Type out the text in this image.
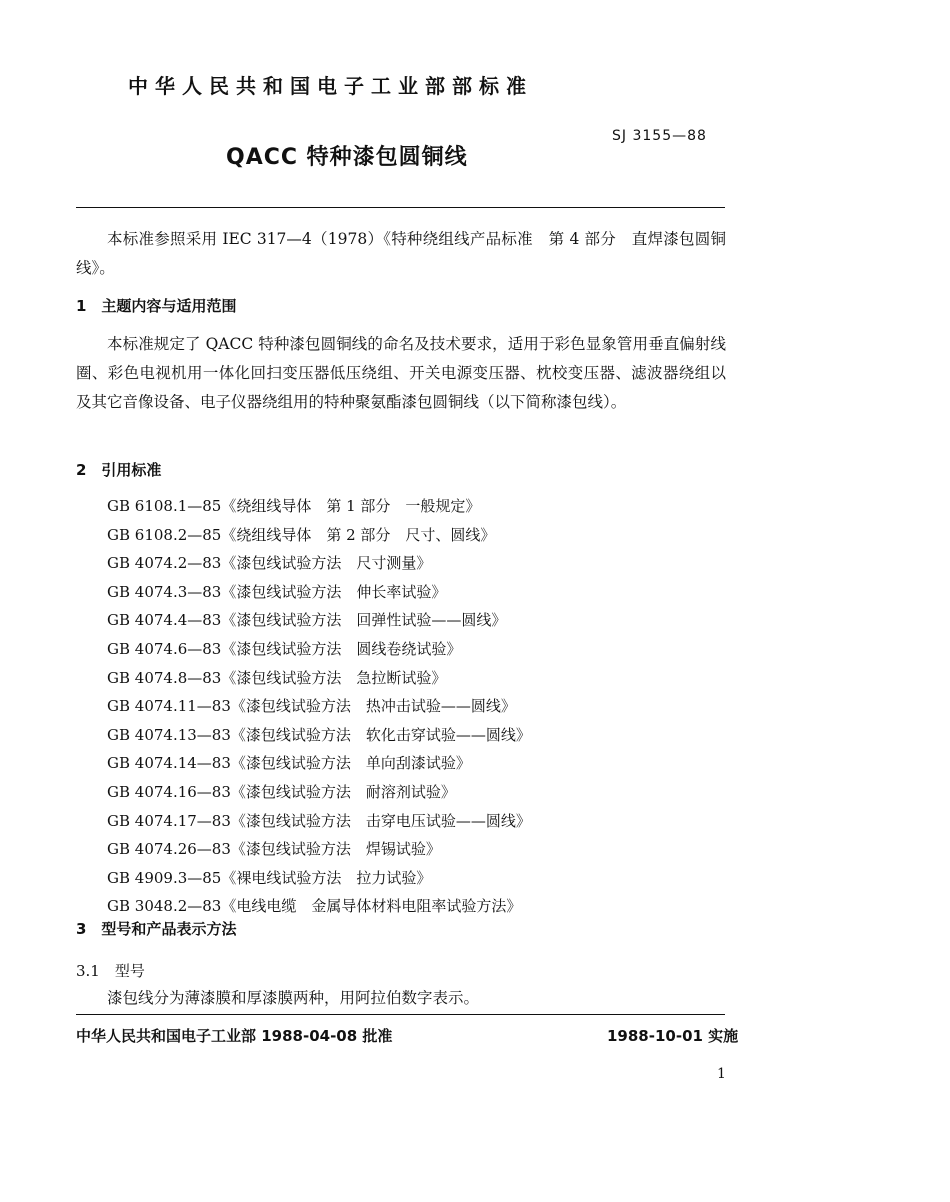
中华人民共和国电子工业部部标准
SJ 3155—88
QACC 特种漆包圆铜线
本标准参照采用 IEC 317—4（1978）《特种绕组线产品标准　第 4 部分　直焊漆包圆铜线》。
1　主题内容与适用范围
本标准规定了 QACC 特种漆包圆铜线的命名及技术要求，适用于彩色显象管用垂直偏射线圈、彩色电视机用一体化回扫变压器低压绕组、开关电源变压器、枕校变压器、滤波器绕组以及其它音像设备、电子仪器绕组用的特种聚氨酯漆包圆铜线（以下简称漆包线）。
2　引用标准
GB 6108.1—85《绕组线导体　第 1 部分　一般规定》
GB 6108.2—85《绕组线导体　第 2 部分　尺寸、圆线》
GB 4074.2—83《漆包线试验方法　尺寸测量》
GB 4074.3—83《漆包线试验方法　伸长率试验》
GB 4074.4—83《漆包线试验方法　回弹性试验——圆线》
GB 4074.6—83《漆包线试验方法　圆线卷绕试验》
GB 4074.8—83《漆包线试验方法　急拉断试验》
GB 4074.11—83《漆包线试验方法　热冲击试验——圆线》
GB 4074.13—83《漆包线试验方法　软化击穿试验——圆线》
GB 4074.14—83《漆包线试验方法　单向刮漆试验》
GB 4074.16—83《漆包线试验方法　耐溶剂试验》
GB 4074.17—83《漆包线试验方法　击穿电压试验——圆线》
GB 4074.26—83《漆包线试验方法　焊锡试验》
GB 4909.3—85《裸电线试验方法　拉力试验》
GB 3048.2—83《电线电缆　金属导体材料电阻率试验方法》
3　型号和产品表示方法
3.1　型号
漆包线分为薄漆膜和厚漆膜两种，用阿拉伯数字表示。
中华人民共和国电子工业部 1988-04-08 批准	1988-10-01 实施
1
